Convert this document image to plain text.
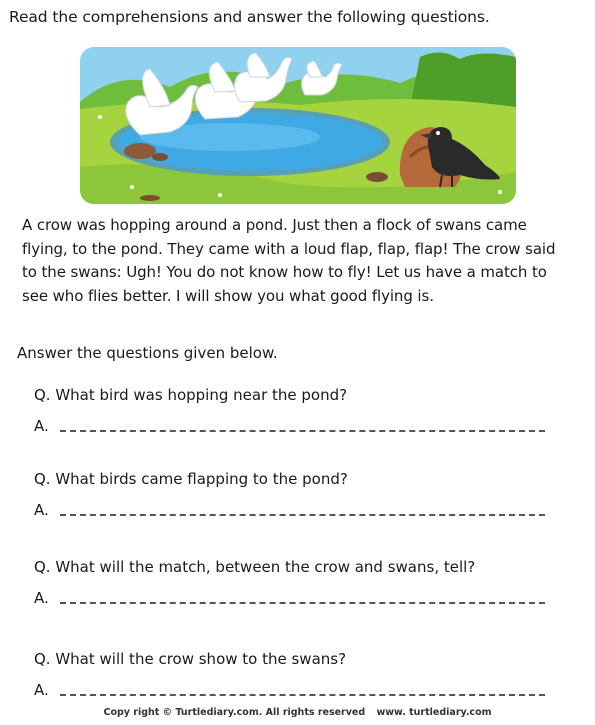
Read the comprehensions and answer the following questions.
A crow was hopping around a pond. Just then a flock of swans came
flying, to the pond. They came with a loud flap, flap, flap! The crow said
to the swans: Ugh! You do not know how to fly! Let us have a match to
see who flies better. I will show you what good flying is.
Answer the questions given below.
Q. What bird was hopping near the pond?
A.
Q. What birds came flapping to the pond?
A.
Q. What will the match, between the crow and swans, tell?
A.
Q. What will the crow show to the swans?
A.
Copy right © Turtlediary.com. All rights reserved www. turtlediary.com
